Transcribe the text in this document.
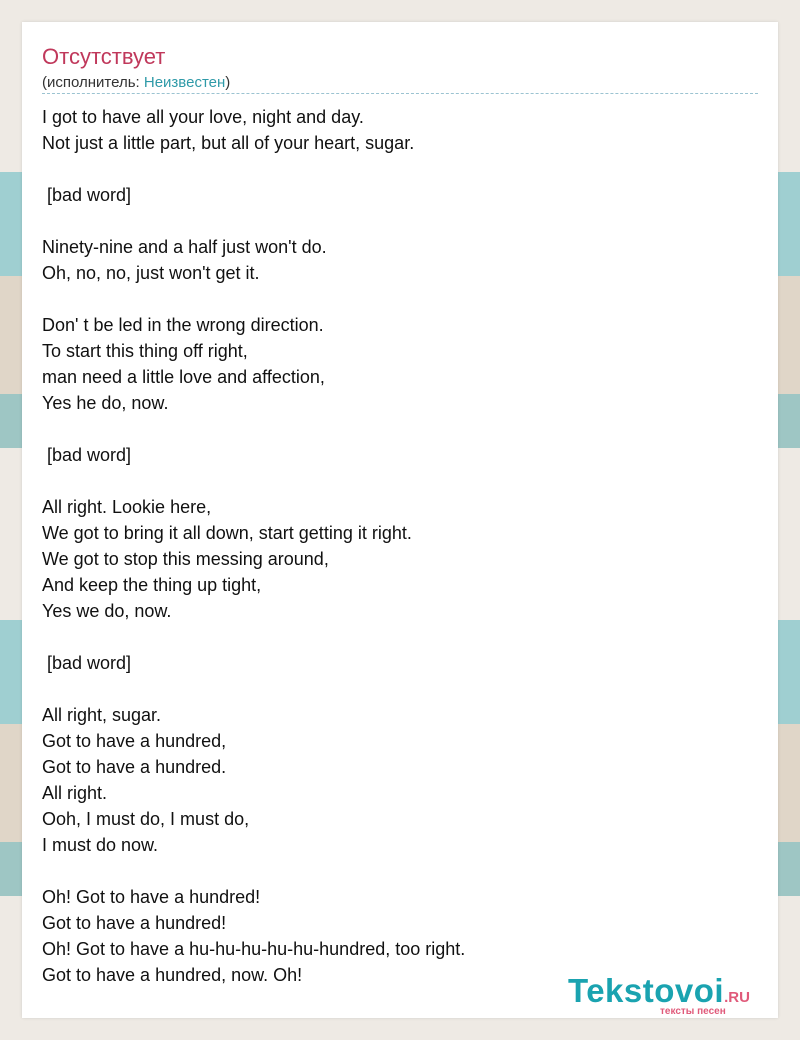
Отсутствует
(исполнитель: Неизвестен)
I got to have all your love, night and day.
Not just a little part, but all of your heart, sugar.
[bad word]
Ninety-nine and a half just won't do.
Oh, no, no, just won't get it.
Don' t be led in the wrong direction.
To start this thing off right,
man need a little love and affection,
Yes he do, now.
[bad word]
All right. Lookie here,
We got to bring it all down, start getting it right.
We got to stop this messing around,
And keep the thing up tight,
Yes we do, now.
[bad word]
All right, sugar.
Got to have a hundred,
Got to have a hundred.
All right.
Ooh, I must do, I must do,
I must do now.
Oh! Got to have a hundred!
Got to have a hundred!
Oh! Got to have a hu-hu-hu-hu-hu-hundred, too right.
Got to have a hundred, now. Oh!	Tekstovoi.RU
тексты песен
